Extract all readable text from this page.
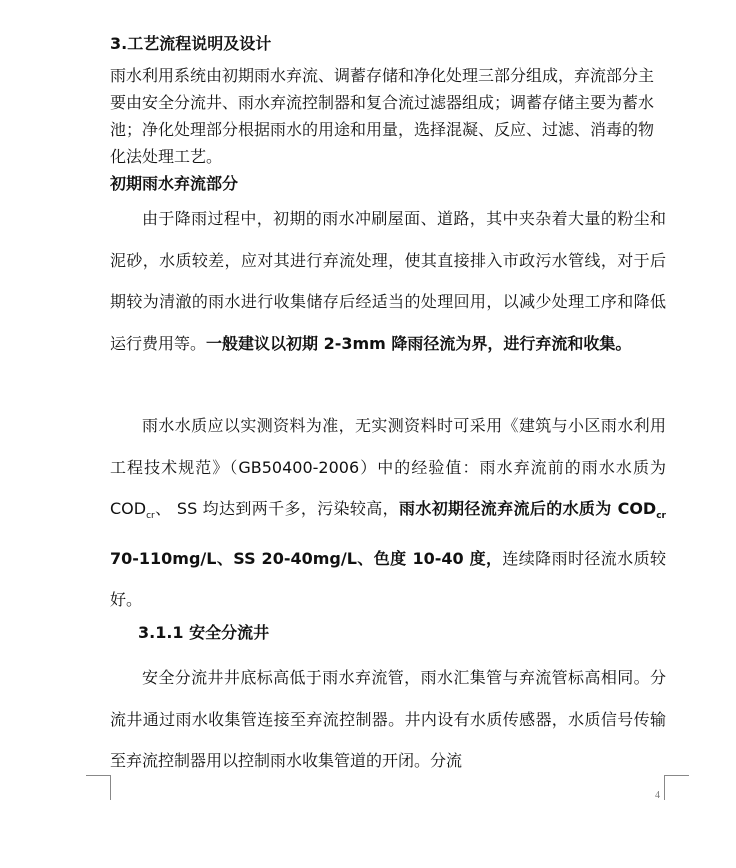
3.工艺流程说明及设计
雨水利用系统由初期雨水弃流、调蓄存储和净化处理三部分组成，弃流部分主要由安全分流井、雨水弃流控制器和复合流过滤器组成；调蓄存储主要为蓄水池；净化处理部分根据雨水的用途和用量，选择混凝、反应、过滤、消毒的物化法处理工艺。
初期雨水弃流部分
由于降雨过程中，初期的雨水冲刷屋面、道路，其中夹杂着大量的粉尘和泥砂，水质较差，应对其进行弃流处理，使其直接排入市政污水管线，对于后期较为清澈的雨水进行收集储存后经适当的处理回用，以减少处理工序和降低运行费用等。一般建议以初期 2-3mm 降雨径流为界，进行弃流和收集。
雨水水质应以实测资料为准，无实测资料时可采用《建筑与小区雨水利用工程技术规范》（GB50400-2006）中的经验值：雨水弃流前的雨水水质为 $COD_{cr}$、 SS 均达到两千多，污染较高，雨水初期径流弃流后的水质为 $COD_{cr}$ 70-110mg/L、SS 20-40mg/L、色度 10-40 度，连续降雨时径流水质较好。
3.1.1 安全分流井
安全分流井井底标高低于雨水弃流管，雨水汇集管与弃流管标高相同。分流井通过雨水收集管连接至弃流控制器。井内设有水质传感器，水质信号传输至弃流控制器用以控制雨水收集管道的开闭。分流
4
